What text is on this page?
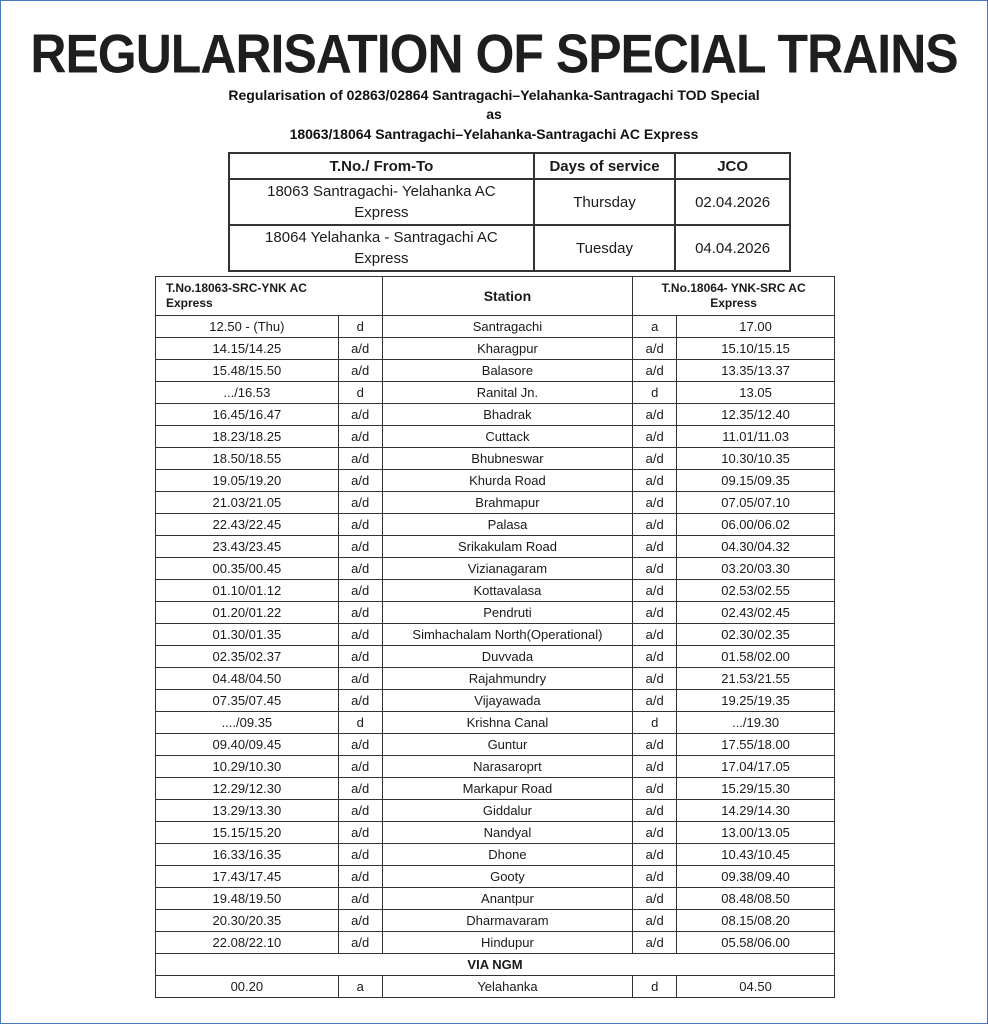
REGULARISATION OF SPECIAL TRAINS
Regularisation of 02863/02864 Santragachi–Yelahanka-Santragachi TOD Special
as
18063/18064 Santragachi–Yelahanka-Santragachi AC Express
T.No./ From-To	Days of service	JCO
18063 Santragachi- Yelahanka AC Express	Thursday	02.04.2026
18064 Yelahanka - Santragachi AC Express	Tuesday	04.04.2026
T.No.18063-SRC-YNK AC Express		Station	T.No.18064- YNK-SRC AC Express	
12.50 - (Thu)	d	Santragachi	a	17.00
14.15/14.25	a/d	Kharagpur	a/d	15.10/15.15
15.48/15.50	a/d	Balasore	a/d	13.35/13.37
.../16.53	d	Ranital Jn.	d	13.05
16.45/16.47	a/d	Bhadrak	a/d	12.35/12.40
18.23/18.25	a/d	Cuttack	a/d	11.01/11.03
18.50/18.55	a/d	Bhubneswar	a/d	10.30/10.35
19.05/19.20	a/d	Khurda Road	a/d	09.15/09.35
21.03/21.05	a/d	Brahmapur	a/d	07.05/07.10
22.43/22.45	a/d	Palasa	a/d	06.00/06.02
23.43/23.45	a/d	Srikakulam Road	a/d	04.30/04.32
00.35/00.45	a/d	Vizianagaram	a/d	03.20/03.30
01.10/01.12	a/d	Kottavalasa	a/d	02.53/02.55
01.20/01.22	a/d	Pendruti	a/d	02.43/02.45
01.30/01.35	a/d	Simhachalam North(Operational)	a/d	02.30/02.35
02.35/02.37	a/d	Duvvada	a/d	01.58/02.00
04.48/04.50	a/d	Rajahmundry	a/d	21.53/21.55
07.35/07.45	a/d	Vijayawada	a/d	19.25/19.35
..../09.35	d	Krishna Canal	d	.../19.30
09.40/09.45	a/d	Guntur	a/d	17.55/18.00
10.29/10.30	a/d	Narasaroprt	a/d	17.04/17.05
12.29/12.30	a/d	Markapur Road	a/d	15.29/15.30
13.29/13.30	a/d	Giddalur	a/d	14.29/14.30
15.15/15.20	a/d	Nandyal	a/d	13.00/13.05
16.33/16.35	a/d	Dhone	a/d	10.43/10.45
17.43/17.45	a/d	Gooty	a/d	09.38/09.40
19.48/19.50	a/d	Anantpur	a/d	08.48/08.50
20.30/20.35	a/d	Dharmavaram	a/d	08.15/08.20
22.08/22.10	a/d	Hindupur	a/d	05.58/06.00
VIA NGM				
00.20	a	Yelahanka	d	04.50
